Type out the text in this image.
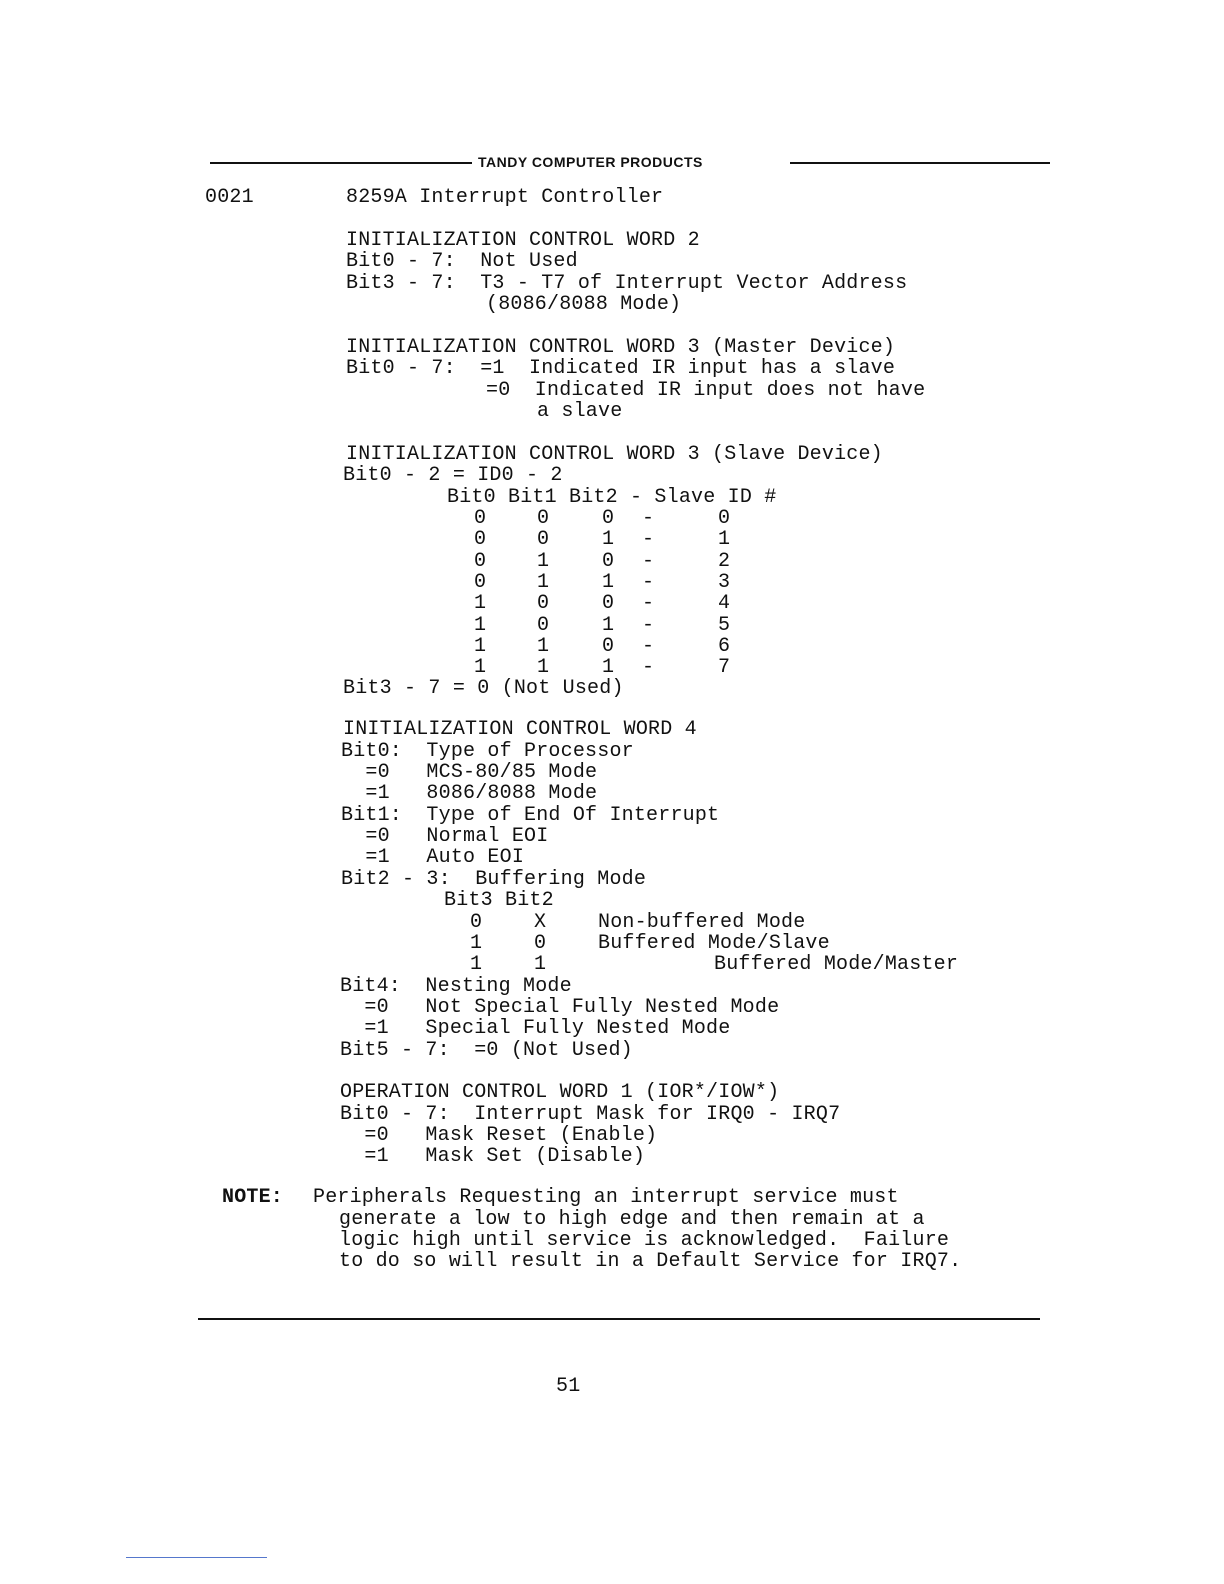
TANDY COMPUTER PRODUCTS
0021	8259A Interrupt Controller
INITIALIZATION CONTROL WORD 2
Bit0 - 7:  Not Used
Bit3 - 7:  T3 - T7 of Interrupt Vector Address
(8086/8088 Mode)
INITIALIZATION CONTROL WORD 3 (Master Device)
Bit0 - 7:  =1  Indicated IR input has a slave
=0  Indicated IR input does not have
a slave
INITIALIZATION CONTROL WORD 3 (Slave Device)
Bit0 - 2 = ID0 - 2
Bit0 Bit1 Bit2 - Slave ID #
0	0	0 -	0
0	0	1 -	1
0	1	0 -	2
0	1	1 -	3
1	0	0 -	4
1	0	1 -	5
1	1	0 -	6
1	1	1 -	7
Bit3 - 7 = 0 (Not Used)
INITIALIZATION CONTROL WORD 4
Bit0:  Type of Processor
=0   MCS-80/85 Mode
=1   8086/8088 Mode
Bit1:  Type of End Of Interrupt
=0   Normal EOI
=1   Auto EOI
Bit2 - 3:  Buffering Mode
Bit3 Bit2
0	X	Non-buffered Mode
1	0	Buffered Mode/Slave
1	1	Buffered Mode/Master
Bit4:  Nesting Mode
=0   Not Special Fully Nested Mode
=1   Special Fully Nested Mode
Bit5 - 7:  =0 (Not Used)
OPERATION CONTROL WORD 1 (IOR*/IOW*)
Bit0 - 7:  Interrupt Mask for IRQ0 - IRQ7
=0   Mask Reset (Enable)
=1   Mask Set (Disable)
NOTE: Peripherals Requesting an interrupt service must
generate a low to high edge and then remain at a
logic high until service is acknowledged.  Failure
to do so will result in a Default Service for IRQ7.
51
